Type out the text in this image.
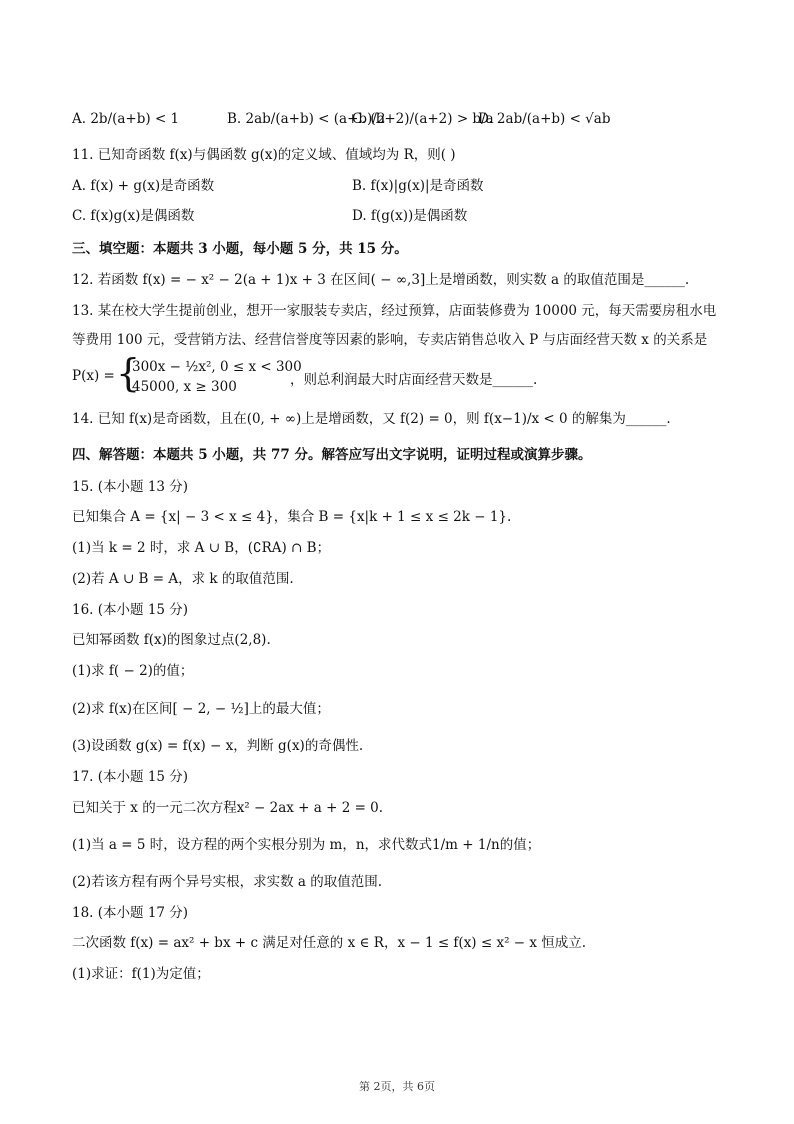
A. 2b/(a+b) < 1	B. 2ab/(a+b) < (a+b)/2
C. (b+2)/(a+2) > b/a
D. 2ab/(a+b) < √ab
11. 已知奇函数 f(x)与偶函数 g(x)的定义域、值域均为 R，则( )
A. f(x) + g(x)是奇函数	B. f(x)|g(x)|是奇函数
C. f(x)g(x)是偶函数	D. f(g(x))是偶函数
三、填空题：本题共 3 小题，每小题 5 分，共 15 分。
12. 若函数 f(x) = − x² − 2(a + 1)x + 3 在区间( − ∞,3]上是增函数，则实数 a 的取值范围是______.
13. 某在校大学生提前创业，想开一家服装专卖店，经过预算，店面装修费为 10000 元，每天需要房租水电
等费用 100 元，受营销方法、经营信誉度等因素的影响，专卖店销售总收入 P 与店面经营天数 x 的关系是
P(x) = {
300x − ½x², 0 ≤ x < 300
45000, x ≥ 300	，则总利润最大时店面经营天数是______.
14. 已知 f(x)是奇函数，且在(0, + ∞)上是增函数，又 f(2) = 0，则 f(x−1)/x < 0 的解集为______.
四、解答题：本题共 5 小题，共 77 分。解答应写出文字说明，证明过程或演算步骤。
15. (本小题 13 分)
已知集合 A = {x| − 3 < x ≤ 4}，集合 B = {x|k + 1 ≤ x ≤ 2k − 1}.
(1)当 k = 2 时，求 A ∪ B，(∁RA) ∩ B；
(2)若 A ∪ B = A，求 k 的取值范围.
16. (本小题 15 分)
已知幂函数 f(x)的图象过点(2,8).
(1)求 f( − 2)的值；
(2)求 f(x)在区间[ − 2, − ½]上的最大值；
(3)设函数 g(x) = f(x) − x，判断 g(x)的奇偶性.
17. (本小题 15 分)
已知关于 x 的一元二次方程x² − 2ax + a + 2 = 0.
(1)当 a = 5 时，设方程的两个实根分别为 m，n，求代数式1/m + 1/n的值；
(2)若该方程有两个异号实根，求实数 a 的取值范围.
18. (本小题 17 分)
二次函数 f(x) = ax² + bx + c 满足对任意的 x ∈ R，x − 1 ≤ f(x) ≤ x² − x 恒成立.
(1)求证：f(1)为定值；
第 2页，共 6页
